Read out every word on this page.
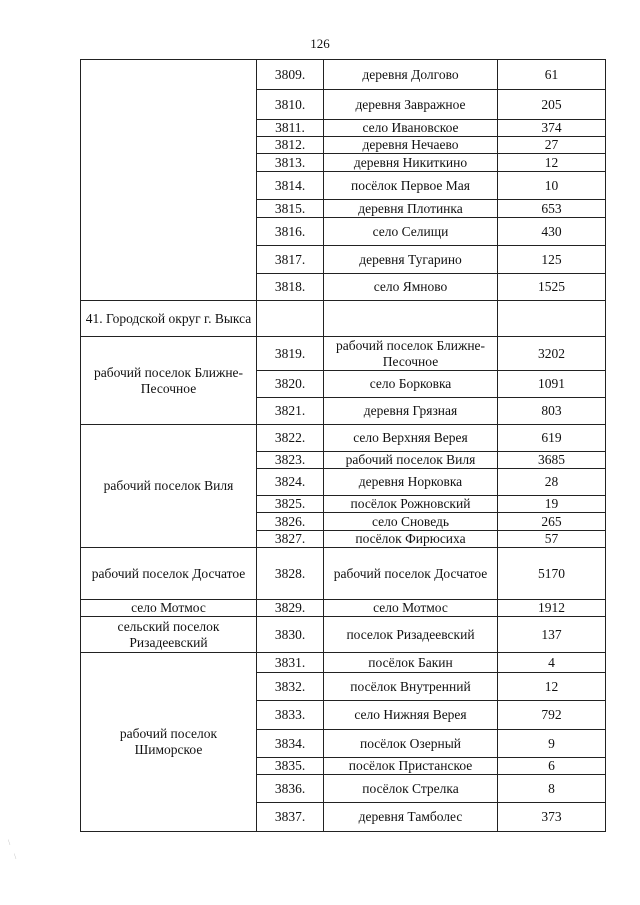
126
	3809.	деревня Долгово	61
	3810.	деревня Завражное	205
	3811.	село Ивановское	374
	3812.	деревня Нечаево	27
	3813.	деревня Никиткино	12
	3814.	посёлок Первое Мая	10
	3815.	деревня Плотинка	653
	3816.	село Селищи	430
	3817.	деревня Тугарино	125
	3818.	село Ямново	1525
41. Городской округ г. Выкса			
рабочий поселок Ближне-Песочное	3819.	рабочий поселок Ближне-Песочное	3202
	3820.	село Борковка	1091
	3821.	деревня Грязная	803
рабочий поселок Виля	3822.	село Верхняя Верея	619
	3823.	рабочий поселок Виля	3685
	3824.	деревня Норковка	28
	3825.	посёлок Рожновский	19
	3826.	село Сноведь	265
	3827.	посёлок Фирюсиха	57
рабочий поселок Досчатое	3828.	рабочий поселок Досчатое	5170
село Мотмос	3829.	село Мотмос	1912
сельский поселок Ризадеевский	3830.	поселок Ризадеевский	137
рабочий поселок Шиморское	3831.	посёлок Бакин	4
	3832.	посёлок Внутренний	12
	3833.	село Нижняя Верея	792
	3834.	посёлок Озерный	9
	3835.	посёлок Пристанское	6
	3836.	посёлок Стрелка	8
	3837.	деревня Тамболес	373
\
\
